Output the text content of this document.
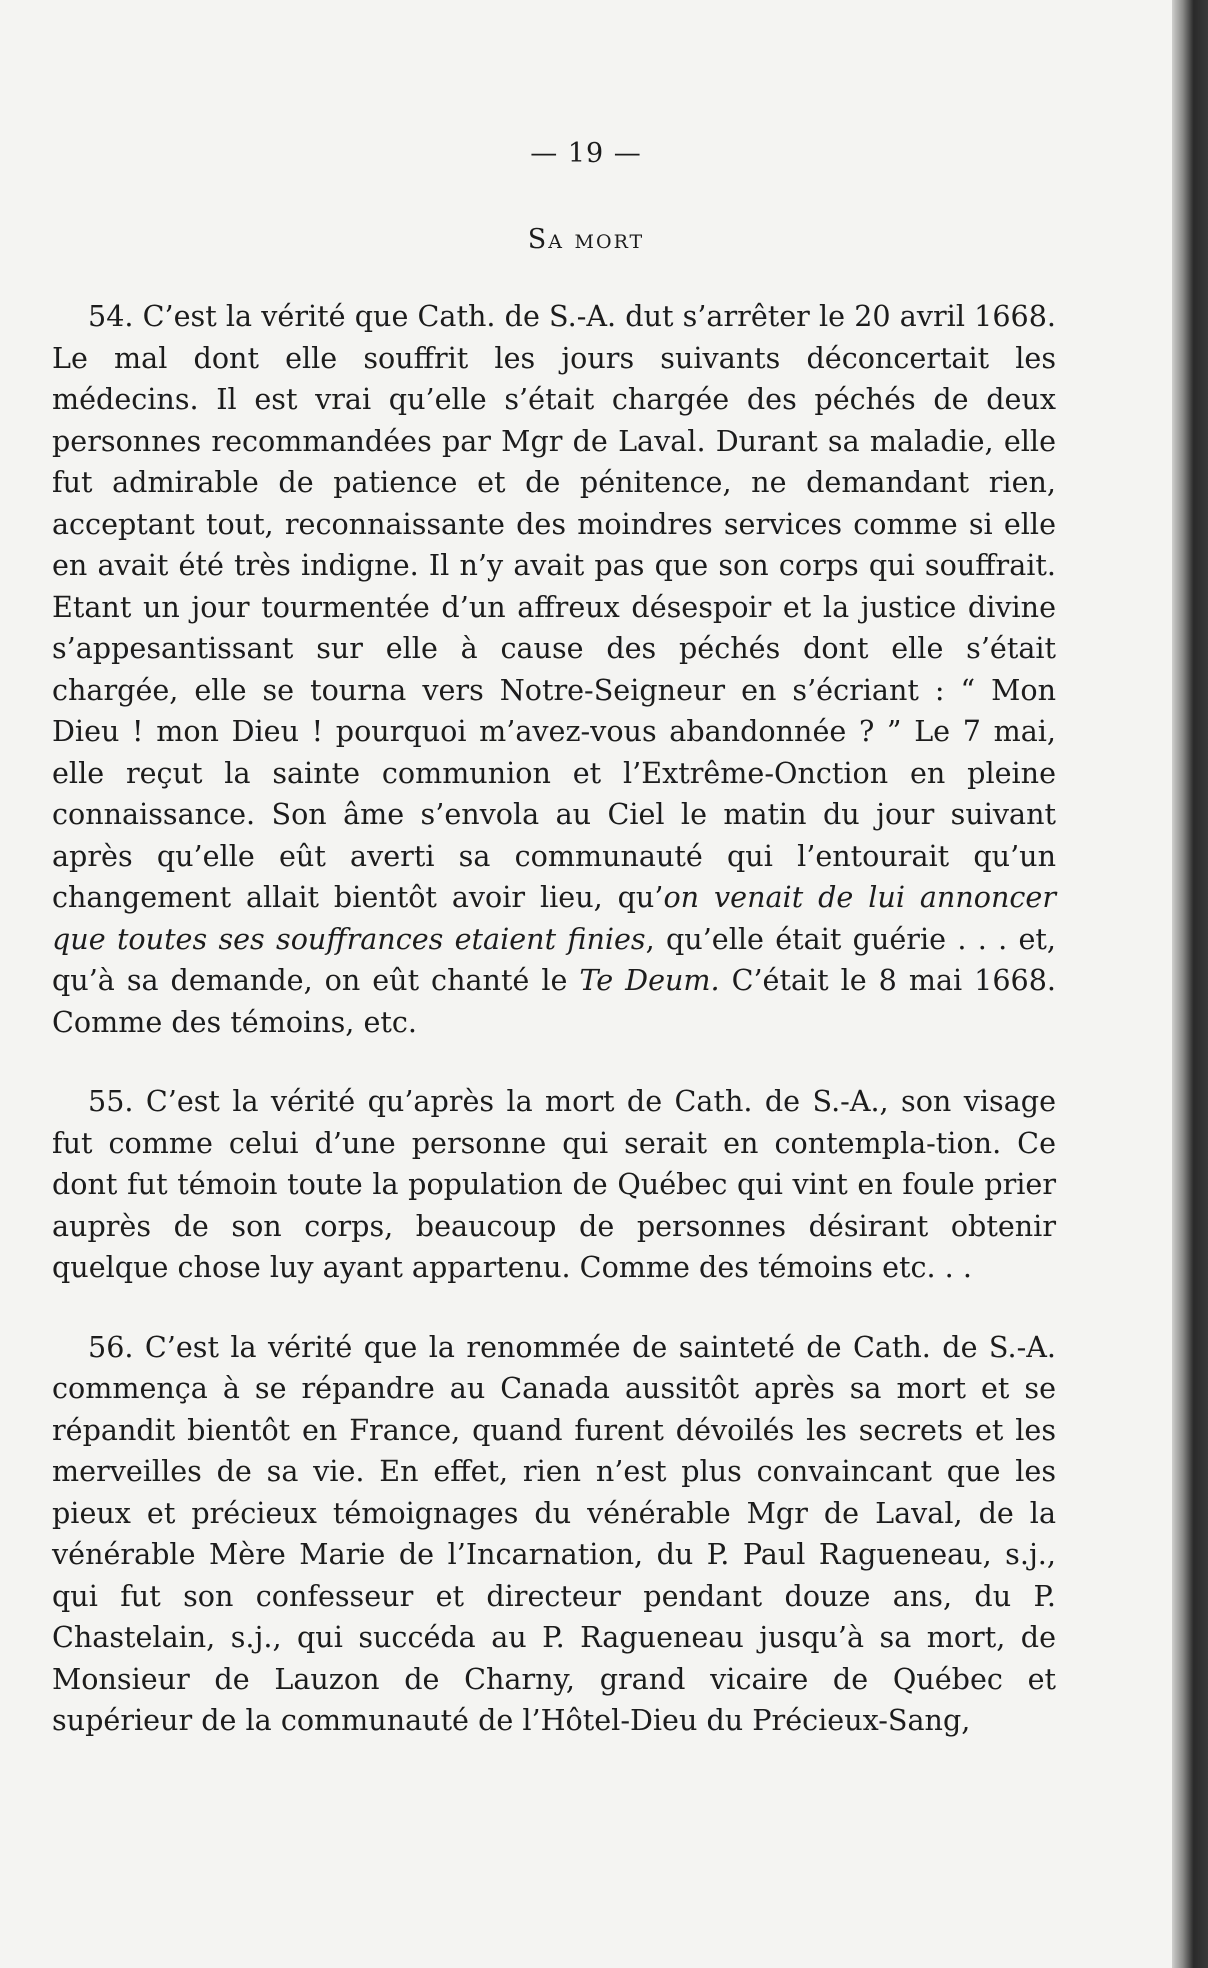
— 19 —
Sa mort

54. C’est la vérité que Cath. de S.-A. dut s’arrêter le 20 avril 1668. Le mal dont elle souffrit les jours suivants déconcertait les médecins. Il est vrai qu’elle s’était chargée des péchés de deux personnes recommandées par Mgr de Laval. Durant sa maladie, elle fut admirable de patience et de pénitence, ne demandant rien, acceptant tout, reconnaissante des moindres services comme si elle en avait été très indigne. Il n’y avait pas que son corps qui souffrait. Etant un jour tourmentée d’un affreux désespoir et la justice divine s’appesantissant sur elle à cause des péchés dont elle s’était chargée, elle se tourna vers Notre-Seigneur en s’écriant : “ Mon Dieu ! mon Dieu ! pourquoi m’avez-vous abandonnée ? ” Le 7 mai, elle reçut la sainte communion et l’Extrême-Onction en pleine connaissance. Son âme s’envola au Ciel le matin du jour suivant après qu’elle eût averti sa communauté qui l’entourait qu’un changement allait bientôt avoir lieu, qu’on venait de lui annoncer que toutes ses souffrances etaient finies, qu’elle était guérie . . . et, qu’à sa demande, on eût chanté le Te Deum. C’était le 8 mai 1668. Comme des témoins, etc.

55. C’est la vérité qu’après la mort de Cath. de S.-A., son visage fut comme celui d’une personne qui serait en contempla-tion. Ce dont fut témoin toute la population de Québec qui vint en foule prier auprès de son corps, beaucoup de personnes désirant obtenir quelque chose luy ayant appartenu. Comme des témoins etc. . .

56. C’est la vérité que la renommée de sainteté de Cath. de S.-A. commença à se répandre au Canada aussitôt après sa mort et se répandit bientôt en France, quand furent dévoilés les secrets et les merveilles de sa vie. En effet, rien n’est plus convaincant que les pieux et précieux témoignages du vénérable Mgr de Laval, de la vénérable Mère Marie de l’Incarnation, du P. Paul Ragueneau, s.j., qui fut son confesseur et directeur pendant douze ans, du P. Chastelain, s.j., qui succéda au P. Ragueneau jusqu’à sa mort, de Monsieur de Lauzon de Charny, grand vicaire de Québec et supérieur de la communauté de l’Hôtel-Dieu du Précieux-Sang,
